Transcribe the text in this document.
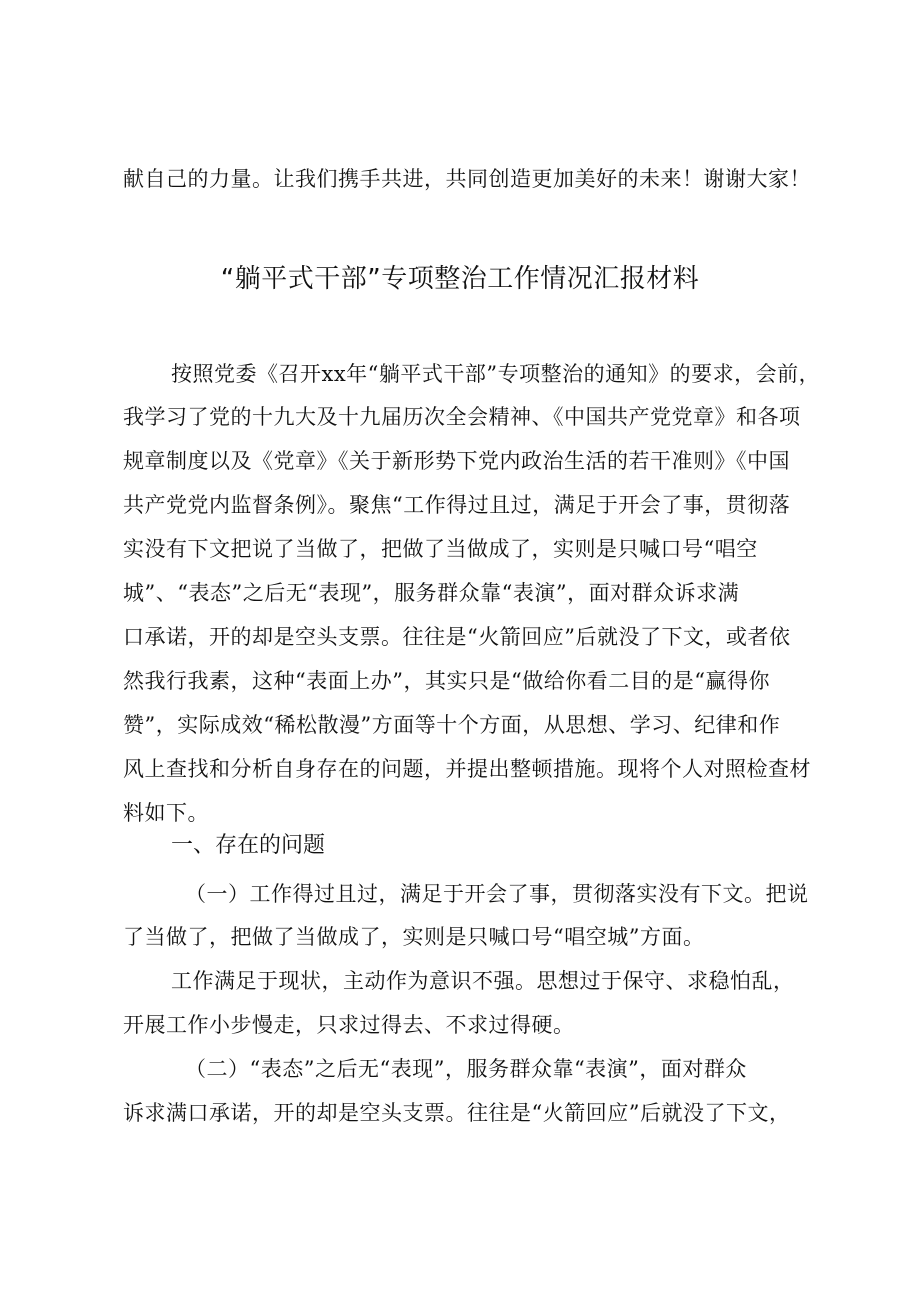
献自己的力量。让我们携手共进，共同创造更加美好的未来！谢谢大家！
“躺平式干部”专项整治工作情况汇报材料
按照党委《召开xx年“躺平式干部”专项整治的通知》的要求，会前，
我学习了党的十九大及十九届历次全会精神、《中国共产党党章》和各项
规章制度以及《党章》《关于新形势下党内政治生活的若干准则》《中国
共产党党内监督条例》。聚焦“工作得过且过，满足于开会了事，贯彻落
实没有下文把说了当做了，把做了当做成了，实则是只喊口号“唱空
城”、“表态”之后无“表现”，服务群众靠“表演”，面对群众诉求满
口承诺，开的却是空头支票。往往是“火箭回应”后就没了下文，或者依
然我行我素，这种“表面上办”，其实只是“做给你看二目的是“赢得你
赞”，实际成效“稀松散漫”方面等十个方面，从思想、学习、纪律和作
风上查找和分析自身存在的问题，并提出整顿措施。现将个人对照检查材
料如下。
一、存在的问题
（一）工作得过且过，满足于开会了事，贯彻落实没有下文。把说
了当做了，把做了当做成了，实则是只喊口号“唱空城”方面。
工作满足于现状，主动作为意识不强。思想过于保守、求稳怕乱，
开展工作小步慢走，只求过得去、不求过得硬。
（二）“表态”之后无“表现”，服务群众靠“表演”，面对群众
诉求满口承诺，开的却是空头支票。往往是“火箭回应”后就没了下文，
